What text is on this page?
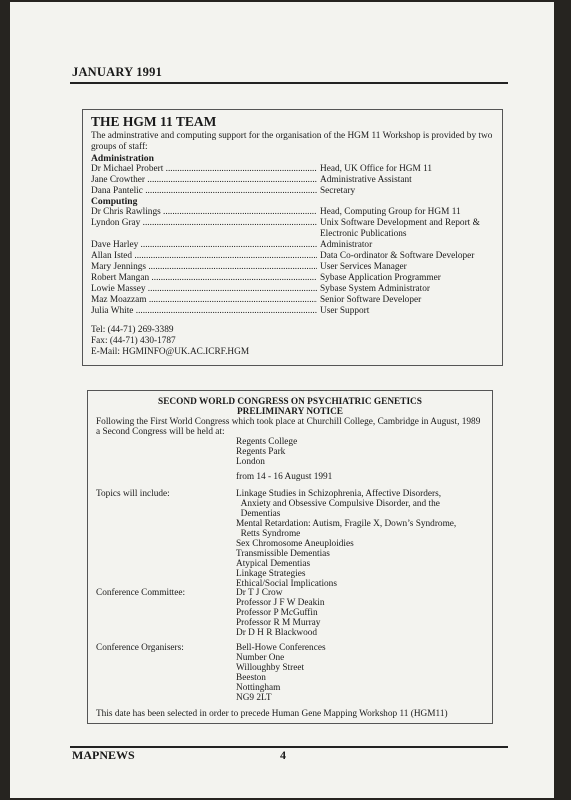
JANUARY 1991
THE HGM 11 TEAM
The adminstrative and computing support for the organisation of the HGM 11 Workshop is provided by two groups of staff:
Administration
Dr Michael Probert .....	Head, UK Office for HGM 11
Jane Crowther .....	Administrative Assistant
Dana Pantelic .....	Secretary
Computing
Dr Chris Rawlings .....	Head, Computing Group for HGM 11
Lyndon Gray .....	Unix Software Development and Report & Electronic Publications
Dave Harley .....	Administrator
Allan Isted .....	Data Co-ordinator & Software Developer
Mary Jennings .....	User Services Manager
Robert Mangan .....	Sybase Application Programmer
Lowie Massey .....	Sybase System Administrator
Maz Moazzam .....	Senior Software Developer
Julia White .....	User Support
Tel: (44-71) 269-3389
Fax: (44-71) 430-1787
E-Mail: HGMINFO@UK.AC.ICRF.HGM
SECOND WORLD CONGRESS ON PSYCHIATRIC GENETICS
PRELIMINARY NOTICE
Following the First World Congress which took place at Churchill College, Cambridge in August, 1989 a Second Congress will be held at:
Regents College
Regents Park
London
from 14 - 16 August 1991
Topics will include:	Linkage Studies in Schizophrenia, Affective Disorders,
Anxiety and Obsessive Compulsive Disorder, and the
Dementias
Mental Retardation: Autism, Fragile X, Down’s Syndrome,
Retts Syndrome
Sex Chromosome Aneuploidies
Transmissible Dementias
Atypical Dementias
Linkage Strategies
Ethical/Social Implications
Conference Committee:	Dr T J Crow
Professor J F W Deakin
Professor P McGuffin
Professor R M Murray
Dr D H R Blackwood
Conference Organisers:	Bell-Howe Conferences
Number One
Willoughby Street
Beeston
Nottingham
NG9 2LT
This date has been selected in order to precede Human Gene Mapping Workshop 11 (HGM11)
MAPNEWS	4
